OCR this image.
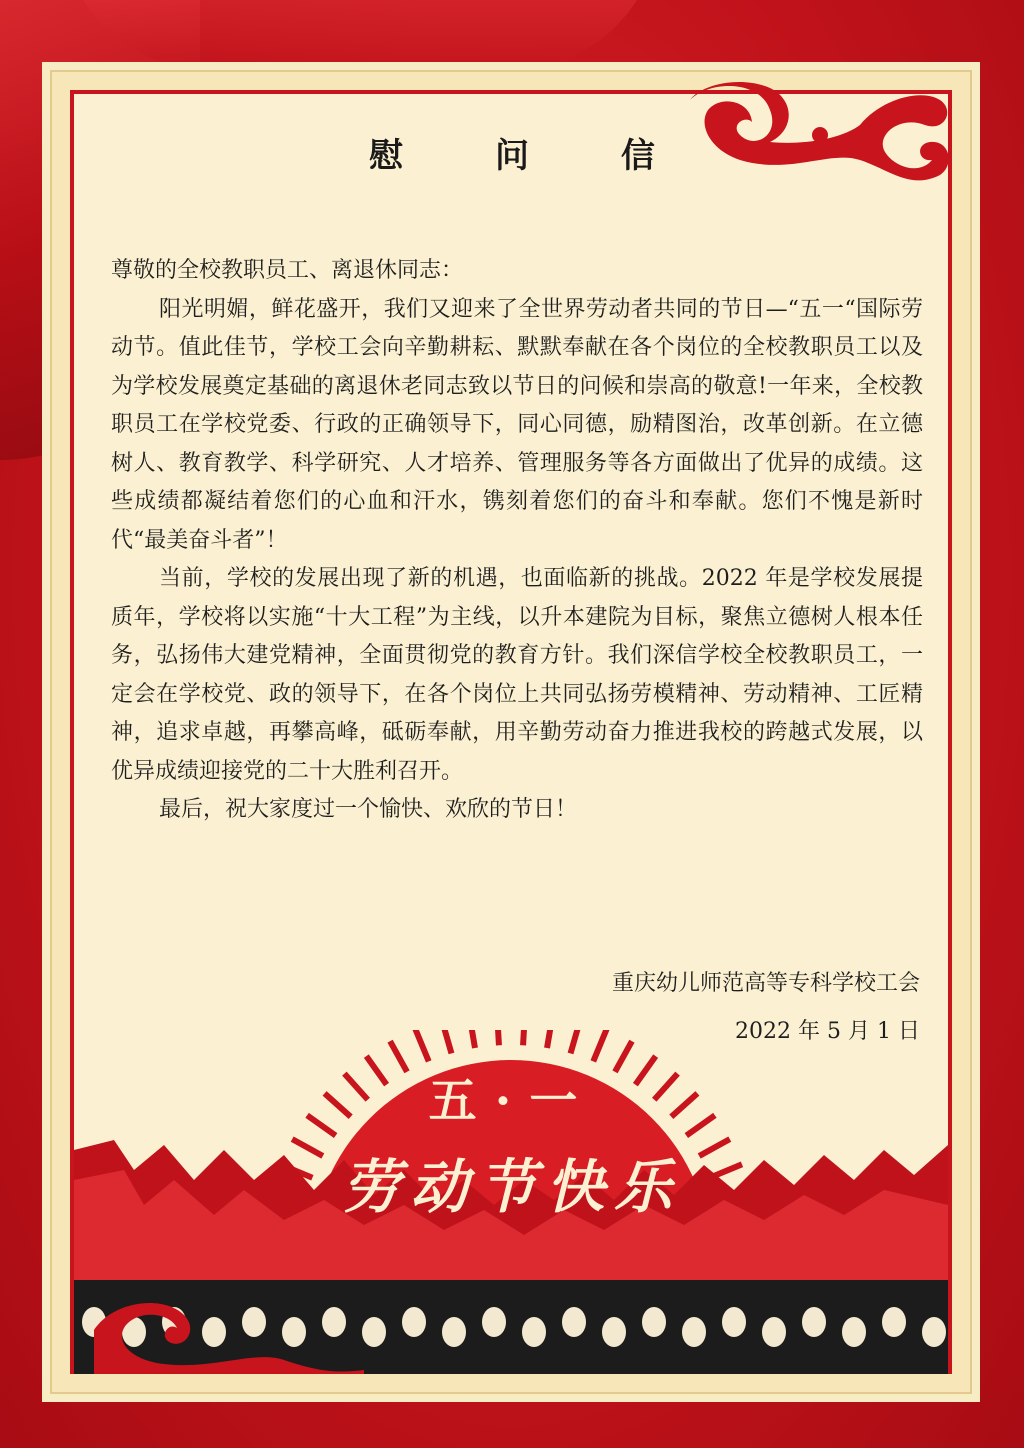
慰 问 信

尊敬的全校教职员工、离退休同志：

阳光明媚，鲜花盛开，我们又迎来了全世界劳动者共同的节日—“五一“国际劳动节。值此佳节，学校工会向辛勤耕耘、默默奉献在各个岗位的全校教职员工以及为学校发展奠定基础的离退休老同志致以节日的问候和崇高的敬意!一年来，全校教职员工在学校党委、行政的正确领导下，同心同德，励精图治，改革创新。在立德树人、教育教学、科学研究、人才培养、管理服务等各方面做出了优异的成绩。这些成绩都凝结着您们的心血和汗水，镌刻着您们的奋斗和奉献。您们不愧是新时代“最美奋斗者”！

当前，学校的发展出现了新的机遇，也面临新的挑战。2022 年是学校发展提质年，学校将以实施“十大工程”为主线，以升本建院为目标，聚焦立德树人根本任务，弘扬伟大建党精神，全面贯彻党的教育方针。我们深信学校全校教职员工，一定会在学校党、政的领导下，在各个岗位上共同弘扬劳模精神、劳动精神、工匠精神，追求卓越，再攀高峰，砥砺奉献，用辛勤劳动奋力推进我校的跨越式发展，以优异成绩迎接党的二十大胜利召开。

最后，祝大家度过一个愉快、欢欣的节日！

重庆幼儿师范高等专科学校工会
2022 年 5 月 1 日
五·一
劳动节快乐
